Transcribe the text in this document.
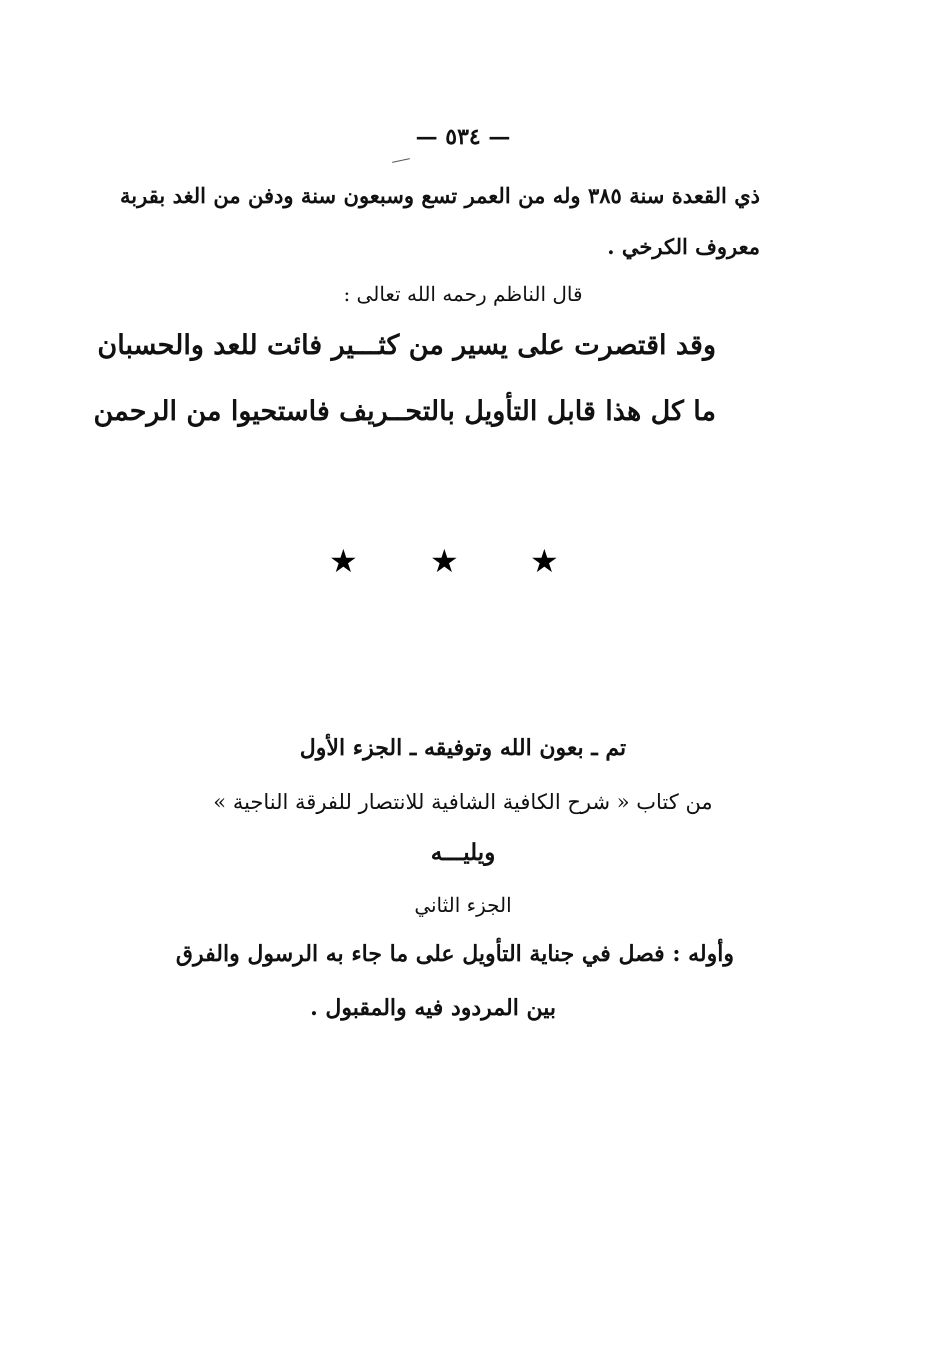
— ٥٣٤ —
ذي القعدة سنة ٣٨٥ وله من العمر تسع وسبعون سنة ودفن من الغد بقربة
معروف الكرخي .
قال الناظم رحمه الله تعالى :
وقد اقتصرت على يسير من كثـــير فائت للعد والحسبان
ما كل هذا قابل التأويل بالتحــريف فاستحيوا من الرحمن
★ ★ ★
تم ـ بعون الله وتوفيقه ـ الجزء الأول
من كتاب « شرح الكافية الشافية للانتصار للفرقة الناجية »
ويليـــه
الجزء الثاني
وأوله : فصل في جناية التأويل على ما جاء به الرسول والفرق
بين المردود فيه والمقبول .
